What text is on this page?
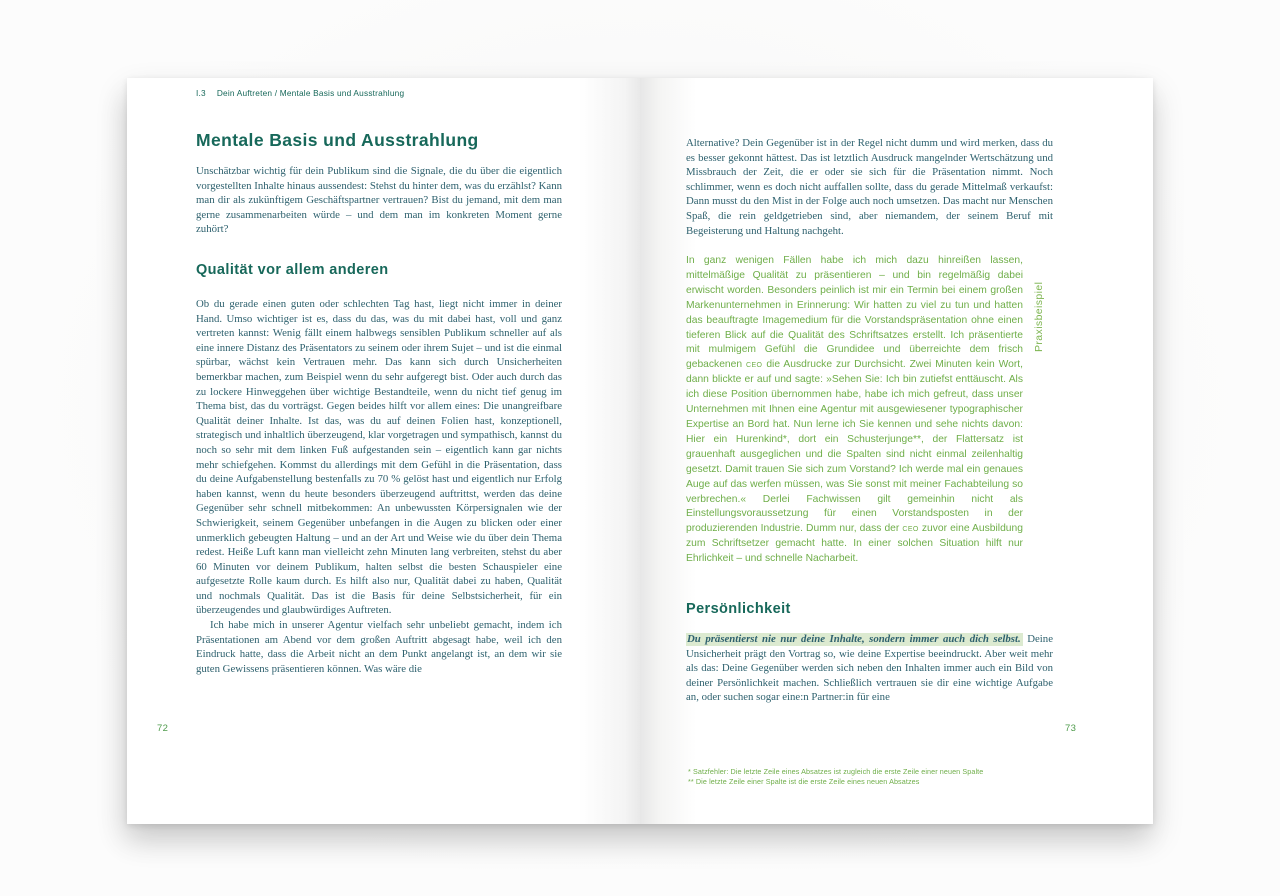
I.3 Dein Auftreten / Mentale Basis und Ausstrahlung
Mentale Basis und Ausstrahlung
Unschätzbar wichtig für dein Publikum sind die Signale, die du über die eigentlich vorgestellten Inhalte hinaus aussendest: Stehst du hinter dem, was du erzählst? Kann man dir als zukünftigem Geschäftspartner vertrauen? Bist du jemand, mit dem man gerne zusammenarbeiten würde – und dem man im konkreten Moment gerne zuhört?
Qualität vor allem anderen
Ob du gerade einen guten oder schlechten Tag hast, liegt nicht immer in deiner Hand. Umso wichtiger ist es, dass du das, was du mit dabei hast, voll und ganz vertreten kannst: Wenig fällt einem halbwegs sensiblen Publikum schneller auf als eine innere Distanz des Präsentators zu seinem oder ihrem Sujet – und ist die einmal spürbar, wächst kein Vertrauen mehr. Das kann sich durch Unsicherheiten bemerkbar machen, zum Beispiel wenn du sehr aufgeregt bist. Oder auch durch das zu lockere Hinweggehen über wichtige Bestandteile, wenn du nicht tief genug im Thema bist, das du vorträgst. Gegen beides hilft vor allem eines: Die unangreifbare Qualität deiner Inhalte. Ist das, was du auf deinen Folien hast, konzeptionell, strategisch und inhaltlich überzeugend, klar vorgetragen und sympathisch, kannst du noch so sehr mit dem linken Fuß aufgestanden sein – eigentlich kann gar nichts mehr schiefgehen. Kommst du allerdings mit dem Gefühl in die Präsentation, dass du deine Aufgabenstellung bestenfalls zu 70 % gelöst hast und eigentlich nur Erfolg haben kannst, wenn du heute besonders überzeugend auftrittst, werden das deine Gegenüber sehr schnell mitbekommen: An unbewussten Körpersignalen wie der Schwierigkeit, seinem Gegenüber unbefangen in die Augen zu blicken oder einer unmerklich gebeugten Haltung – und an der Art und Weise wie du über dein Thema redest. Heiße Luft kann man vielleicht zehn Minuten lang verbreiten, stehst du aber 60 Minuten vor deinem Publikum, halten selbst die besten Schauspieler eine aufgesetzte Rolle kaum durch. Es hilft also nur, Qualität dabei zu haben, Qualität und nochmals Qualität. Das ist die Basis für deine Selbstsicherheit, für ein überzeugendes und glaubwürdiges Auftreten.
Ich habe mich in unserer Agentur vielfach sehr unbeliebt gemacht, indem ich Präsentationen am Abend vor dem großen Auftritt abgesagt habe, weil ich den Eindruck hatte, dass die Arbeit nicht an dem Punkt angelangt ist, an dem wir sie guten Gewissens präsentieren können. Was wäre die
72
Alternative? Dein Gegenüber ist in der Regel nicht dumm und wird merken, dass du es besser gekonnt hättest. Das ist letztlich Ausdruck mangelnder Wertschätzung und Missbrauch der Zeit, die er oder sie sich für die Präsentation nimmt. Noch schlimmer, wenn es doch nicht auffallen sollte, dass du gerade Mittelmaß verkaufst: Dann musst du den Mist in der Folge auch noch umsetzen. Das macht nur Menschen Spaß, die rein geldgetrieben sind, aber niemandem, der seinem Beruf mit Begeisterung und Haltung nachgeht.
In ganz wenigen Fällen habe ich mich dazu hinreißen lassen, mittelmäßige Qualität zu präsentieren – und bin regelmäßig dabei erwischt worden. Besonders peinlich ist mir ein Termin bei einem großen Markenunternehmen in Erinnerung: Wir hatten zu viel zu tun und hatten das beauftragte Imagemedium für die Vorstandspräsentation ohne einen tieferen Blick auf die Qualität des Schriftsatzes erstellt. Ich präsentierte mit mulmigem Gefühl die Grundidee und überreichte dem frisch gebackenen ceo die Ausdrucke zur Durchsicht. Zwei Minuten kein Wort, dann blickte er auf und sagte: »Sehen Sie: Ich bin zutiefst enttäuscht. Als ich diese Position übernommen habe, habe ich mich gefreut, dass unser Unternehmen mit Ihnen eine Agentur mit ausgewiesener typographischer Expertise an Bord hat. Nun lerne ich Sie kennen und sehe nichts davon: Hier ein Hurenkind*, dort ein Schusterjunge**, der Flattersatz ist grauenhaft ausgeglichen und die Spalten sind nicht einmal zeilenhaltig gesetzt. Damit trauen Sie sich zum Vorstand? Ich werde mal ein genaues Auge auf das werfen müssen, was Sie sonst mit meiner Fachabteilung so verbrechen.« Derlei Fachwissen gilt gemeinhin nicht als Einstellungsvoraussetzung für einen Vorstandsposten in der produzierenden Industrie. Dumm nur, dass der ceo zuvor eine Ausbildung zum Schriftsetzer gemacht hatte. In einer solchen Situation hilft nur Ehrlichkeit – und schnelle Nacharbeit.
Praxisbeispiel
Persönlichkeit
Du präsentierst nie nur deine Inhalte, sondern immer auch dich selbst. Deine Unsicherheit prägt den Vortrag so, wie deine Expertise beeindruckt. Aber weit mehr als das: Deine Gegenüber werden sich neben den Inhalten immer auch ein Bild von deiner Persönlichkeit machen. Schließlich vertrauen sie dir eine wichtige Aufgabe an, oder suchen sogar eine:n Partner:in für eine
* Satzfehler: Die letzte Zeile eines Absatzes ist zugleich die erste Zeile einer neuen Spalte
** Die letzte Zeile einer Spalte ist die erste Zeile eines neuen Absatzes
73
